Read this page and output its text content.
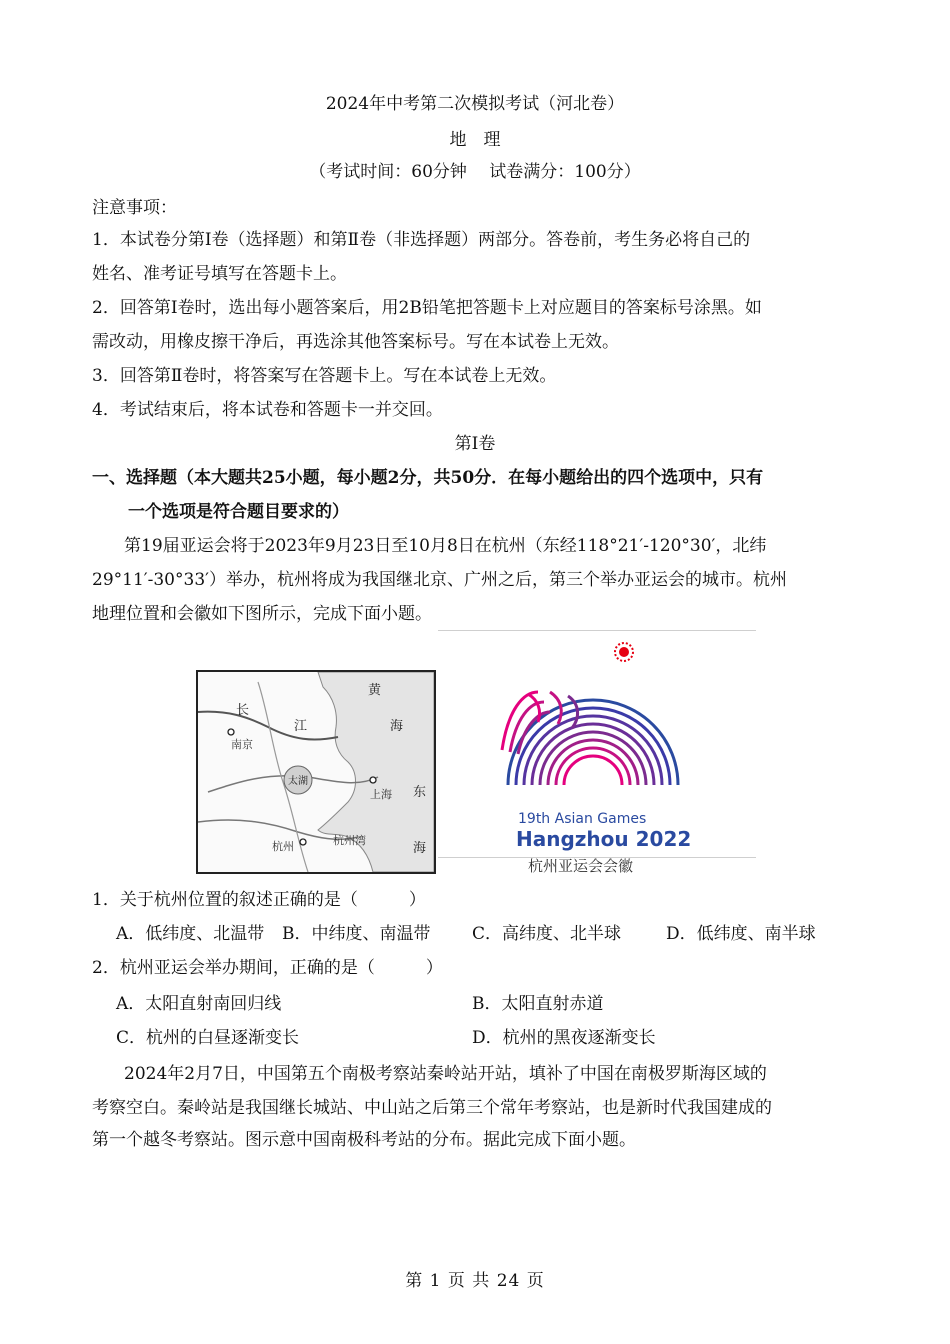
2024年中考第二次模拟考试（河北卷）
地　理
（考试时间：60分钟　 试卷满分：100分）
注意事项：
1．本试卷分第Ⅰ卷（选择题）和第Ⅱ卷（非选择题）两部分。答卷前，考生务必将自己的
姓名、准考证号填写在答题卡上。
2．回答第Ⅰ卷时，选出每小题答案后，用2B铅笔把答题卡上对应题目的答案标号涂黑。如
需改动，用橡皮擦干净后，再选涂其他答案标号。写在本试卷上无效。
3．回答第Ⅱ卷时，将答案写在答题卡上。写在本试卷上无效。
4．考试结束后，将本试卷和答题卡一并交回。
第Ⅰ卷
一、选择题（本大题共25小题，每小题2分，共50分．在每小题给出的四个选项中，只有
一个选项是符合题目要求的）
第19届亚运会将于2023年9月23日至10月8日在杭州（东经118°21′-120°30′，北纬
29°11′-30°33′）举办，杭州将成为我国继北京、广州之后，第三个举办亚运会的城市。杭州
地理位置和会徽如下图所示，完成下面小题。
黄
海
长
江
南京
太湖
上海 东
海
杭州	杭州湾
19th Asian Games
Hangzhou 2022
杭州亚运会会徽
1．关于杭州位置的叙述正确的是（　　　）
A．低纬度、北温带 B．中纬度、南温带 C．高纬度、北半球	D．低纬度、南半球
2．杭州亚运会举办期间，正确的是（　　　）
A．太阳直射南回归线	B．太阳直射赤道
C．杭州的白昼逐渐变长	D．杭州的黑夜逐渐变长
2024年2月7日，中国第五个南极考察站秦岭站开站，填补了中国在南极罗斯海区域的
考察空白。秦岭站是我国继长城站、中山站之后第三个常年考察站，也是新时代我国建成的
第一个越冬考察站。图示意中国南极科考站的分布。据此完成下面小题。
第 1 页 共 24 页
